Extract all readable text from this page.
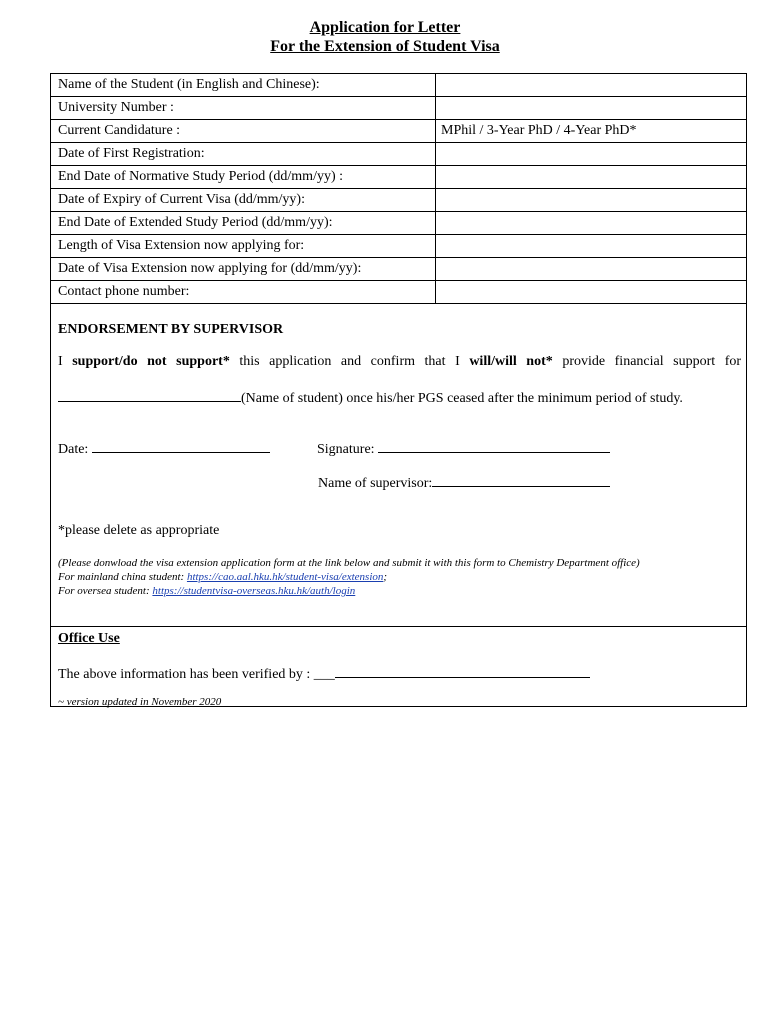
Application for Letter
For the Extension of Student Visa
Name of the Student (in English and Chinese):	
University Number :	
Current Candidature :	MPhil / 3-Year PhD / 4-Year PhD*
Date of First Registration:	
End Date of Normative Study Period (dd/mm/yy) :	
Date of Expiry of Current Visa (dd/mm/yy):	
End Date of Extended Study Period (dd/mm/yy):	
Length of Visa Extension now applying for:	
Date of Visa Extension now applying for (dd/mm/yy):	
Contact phone number:	
ENDORSEMENT BY SUPERVISOR
I support/do not support* this application and confirm that I will/will not* provide financial support for
(Name of student) once his/her PGS ceased after the minimum period of study.
Date:	Signature:
Name of supervisor:
*please delete as appropriate
(Please donwload the visa extension application form at the link below and submit it with this form to Chemistry Department office)
For mainland china student: https://cao.aal.hku.hk/student-visa/extension;
For oversea student: https://studentvisa-overseas.hku.hk/auth/login
Office Use
The above information has been verified by : ___
~ version updated in November 2020
